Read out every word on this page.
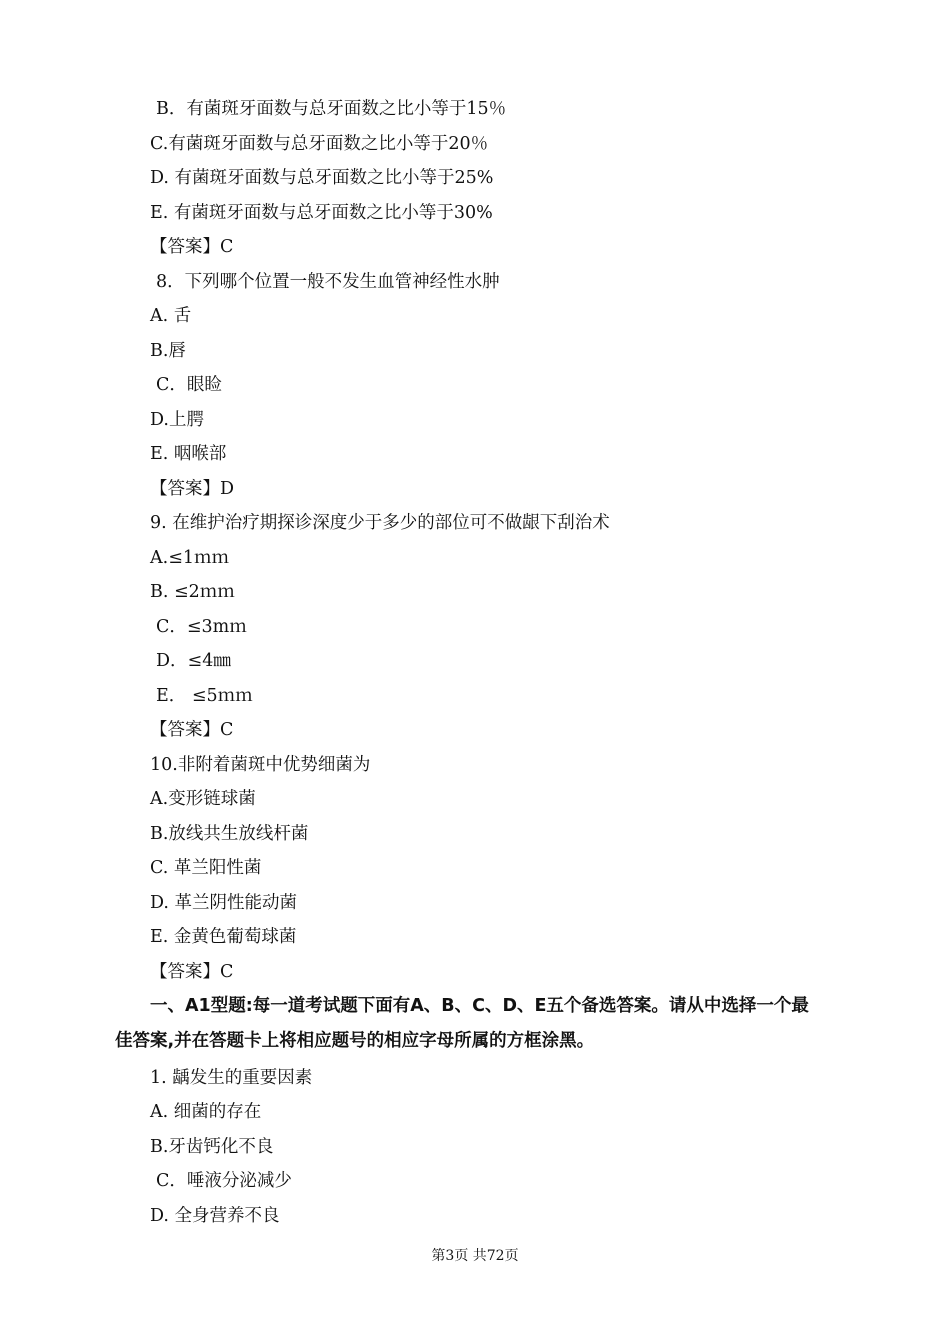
B．有菌斑牙面数与总牙面数之比小等于15％
C.有菌斑牙面数与总牙面数之比小等于20％
D. 有菌斑牙面数与总牙面数之比小等于25%
E. 有菌斑牙面数与总牙面数之比小等于30%
【答案】C
8．下列哪个位置一般不发生血管神经性水肿
A. 舌
B.唇
C．眼睑
D.上腭
E. 咽喉部
【答案】D
9. 在维护治疗期探诊深度少于多少的部位可不做龈下刮治术
A.≤1ｍｍ
B. ≤2ｍｍ
C．≤3mｍ
D．≤4㎜
E． ≤5ｍｍ
【答案】C
10.非附着菌斑中优势细菌为
A.变形链球菌
B.放线共生放线杆菌
C. 革兰阳性菌
D. 革兰阴性能动菌
E. 金黄色葡萄球菌
【答案】C
一、A1型题:每一道考试题下面有A、B、C、D、E五个备选答案。请从中选择一个最
佳答案,并在答题卡上将相应题号的相应字母所属的方框涂黑。
1. 龋发生的重要因素
A. 细菌的存在
B.牙齿钙化不良
C．唾液分泌减少
D. 全身营养不良
第3页 共72页
